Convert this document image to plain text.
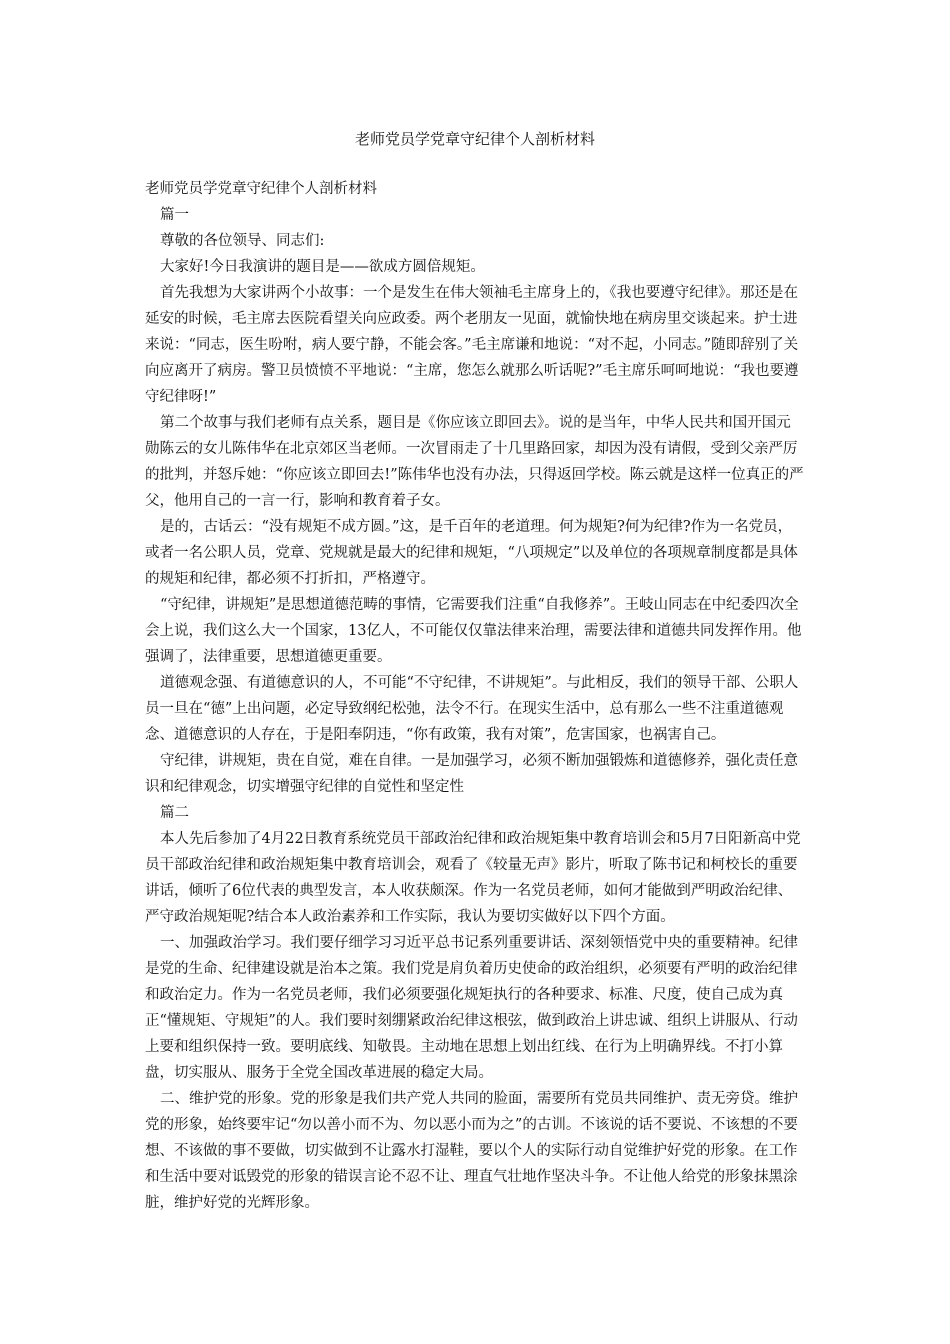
老师党员学党章守纪律个人剖析材料

老师党员学党章守纪律个人剖析材料

篇一

尊敬的各位领导、同志们:

大家好!今日我演讲的题目是——欲成方圆倍规矩。

首先我想为大家讲两个小故事：一个是发生在伟大领袖毛主席身上的，《我也要遵守纪律》。那还是在延安的时候，毛主席去医院看望关向应政委。两个老朋友一见面，就愉快地在病房里交谈起来。护士进来说：“同志，医生吩咐，病人要宁静，不能会客。”毛主席谦和地说：“对不起，小同志。”随即辞别了关向应离开了病房。警卫员愤愤不平地说：“主席，您怎么就那么听话呢?”毛主席乐呵呵地说：“我也要遵守纪律呀!”

第二个故事与我们老师有点关系，题目是《你应该立即回去》。说的是当年，中华人民共和国开国元勋陈云的女儿陈伟华在北京郊区当老师。一次冒雨走了十几里路回家，却因为没有请假，受到父亲严厉的批判，并怒斥她：“你应该立即回去!”陈伟华也没有办法，只得返回学校。陈云就是这样一位真正的严父，他用自己的一言一行，影响和教育着子女。

是的，古话云：“没有规矩不成方圆。”这，是千百年的老道理。何为规矩?何为纪律?作为一名党员，或者一名公职人员，党章、党规就是最大的纪律和规矩，“八项规定”以及单位的各项规章制度都是具体的规矩和纪律，都必须不打折扣，严格遵守。

“守纪律，讲规矩”是思想道德范畴的事情，它需要我们注重“自我修养”。王岐山同志在中纪委四次全会上说，我们这么大一个国家，13亿人，不可能仅仅靠法律来治理，需要法律和道德共同发挥作用。他强调了，法律重要，思想道德更重要。

道德观念强、有道德意识的人，不可能“不守纪律，不讲规矩”。与此相反，我们的领导干部、公职人员一旦在“德”上出问题，必定导致纲纪松弛，法令不行。在现实生活中，总有那么一些不注重道德观念、道德意识的人存在，于是阳奉阴违，“你有政策，我有对策”，危害国家，也祸害自己。

守纪律，讲规矩，贵在自觉，难在自律。一是加强学习，必须不断加强锻炼和道德修养，强化责任意识和纪律观念，切实增强守纪律的自觉性和坚定性

篇二

本人先后参加了4月22日教育系统党员干部政治纪律和政治规矩集中教育培训会和5月7日阳新高中党员干部政治纪律和政治规矩集中教育培训会，观看了《较量无声》影片，听取了陈书记和柯校长的重要讲话，倾听了6位代表的典型发言，本人收获颇深。作为一名党员老师，如何才能做到严明政治纪律、严守政治规矩呢?结合本人政治素养和工作实际，我认为要切实做好以下四个方面。

一、加强政治学习。我们要仔细学习习近平总书记系列重要讲话、深刻领悟党中央的重要精神。纪律是党的生命、纪律建设就是治本之策。我们党是肩负着历史使命的政治组织，必须要有严明的政治纪律和政治定力。作为一名党员老师，我们必须要强化规矩执行的各种要求、标准、尺度，使自己成为真正“懂规矩、守规矩”的人。我们要时刻绷紧政治纪律这根弦，做到政治上讲忠诚、组织上讲服从、行动上要和组织保持一致。要明底线、知敬畏。主动地在思想上划出红线、在行为上明确界线。不打小算盘，切实服从、服务于全党全国改革进展的稳定大局。

二、维护党的形象。党的形象是我们共产党人共同的脸面，需要所有党员共同维护、责无旁贷。维护党的形象，始终要牢记“勿以善小而不为、勿以恶小而为之”的古训。不该说的话不要说、不该想的不要想、不该做的事不要做，切实做到不让露水打湿鞋，要以个人的实际行动自觉维护好党的形象。在工作和生活中要对诋毁党的形象的错误言论不忍不让、理直气壮地作坚决斗争。不让他人给党的形象抹黑涂脏，维护好党的光辉形象。
